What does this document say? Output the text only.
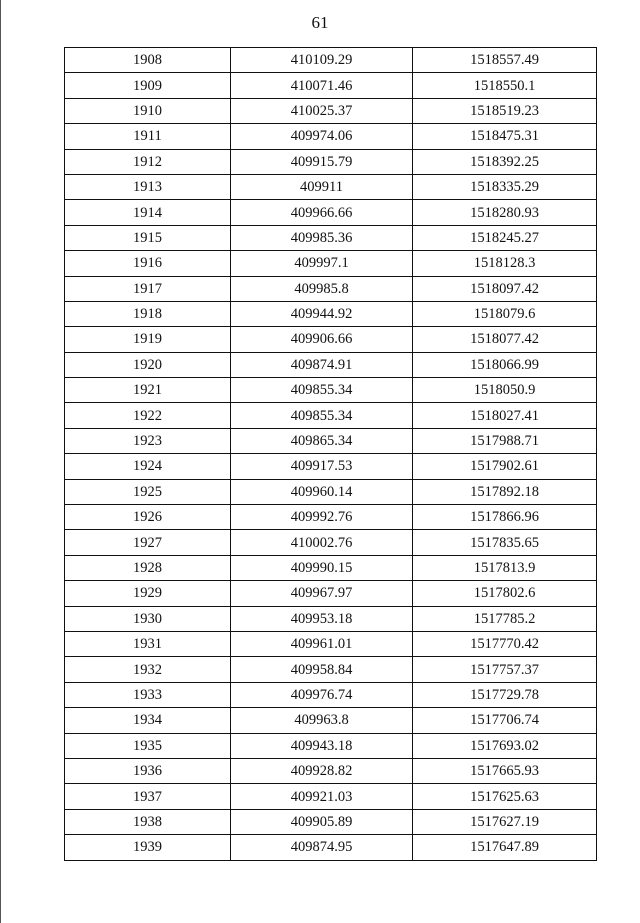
61
1908	410109.29	1518557.49
1909	410071.46	1518550.1
1910	410025.37	1518519.23
1911	409974.06	1518475.31
1912	409915.79	1518392.25
1913	409911	1518335.29
1914	409966.66	1518280.93
1915	409985.36	1518245.27
1916	409997.1	1518128.3
1917	409985.8	1518097.42
1918	409944.92	1518079.6
1919	409906.66	1518077.42
1920	409874.91	1518066.99
1921	409855.34	1518050.9
1922	409855.34	1518027.41
1923	409865.34	1517988.71
1924	409917.53	1517902.61
1925	409960.14	1517892.18
1926	409992.76	1517866.96
1927	410002.76	1517835.65
1928	409990.15	1517813.9
1929	409967.97	1517802.6
1930	409953.18	1517785.2
1931	409961.01	1517770.42
1932	409958.84	1517757.37
1933	409976.74	1517729.78
1934	409963.8	1517706.74
1935	409943.18	1517693.02
1936	409928.82	1517665.93
1937	409921.03	1517625.63
1938	409905.89	1517627.19
1939	409874.95	1517647.89
